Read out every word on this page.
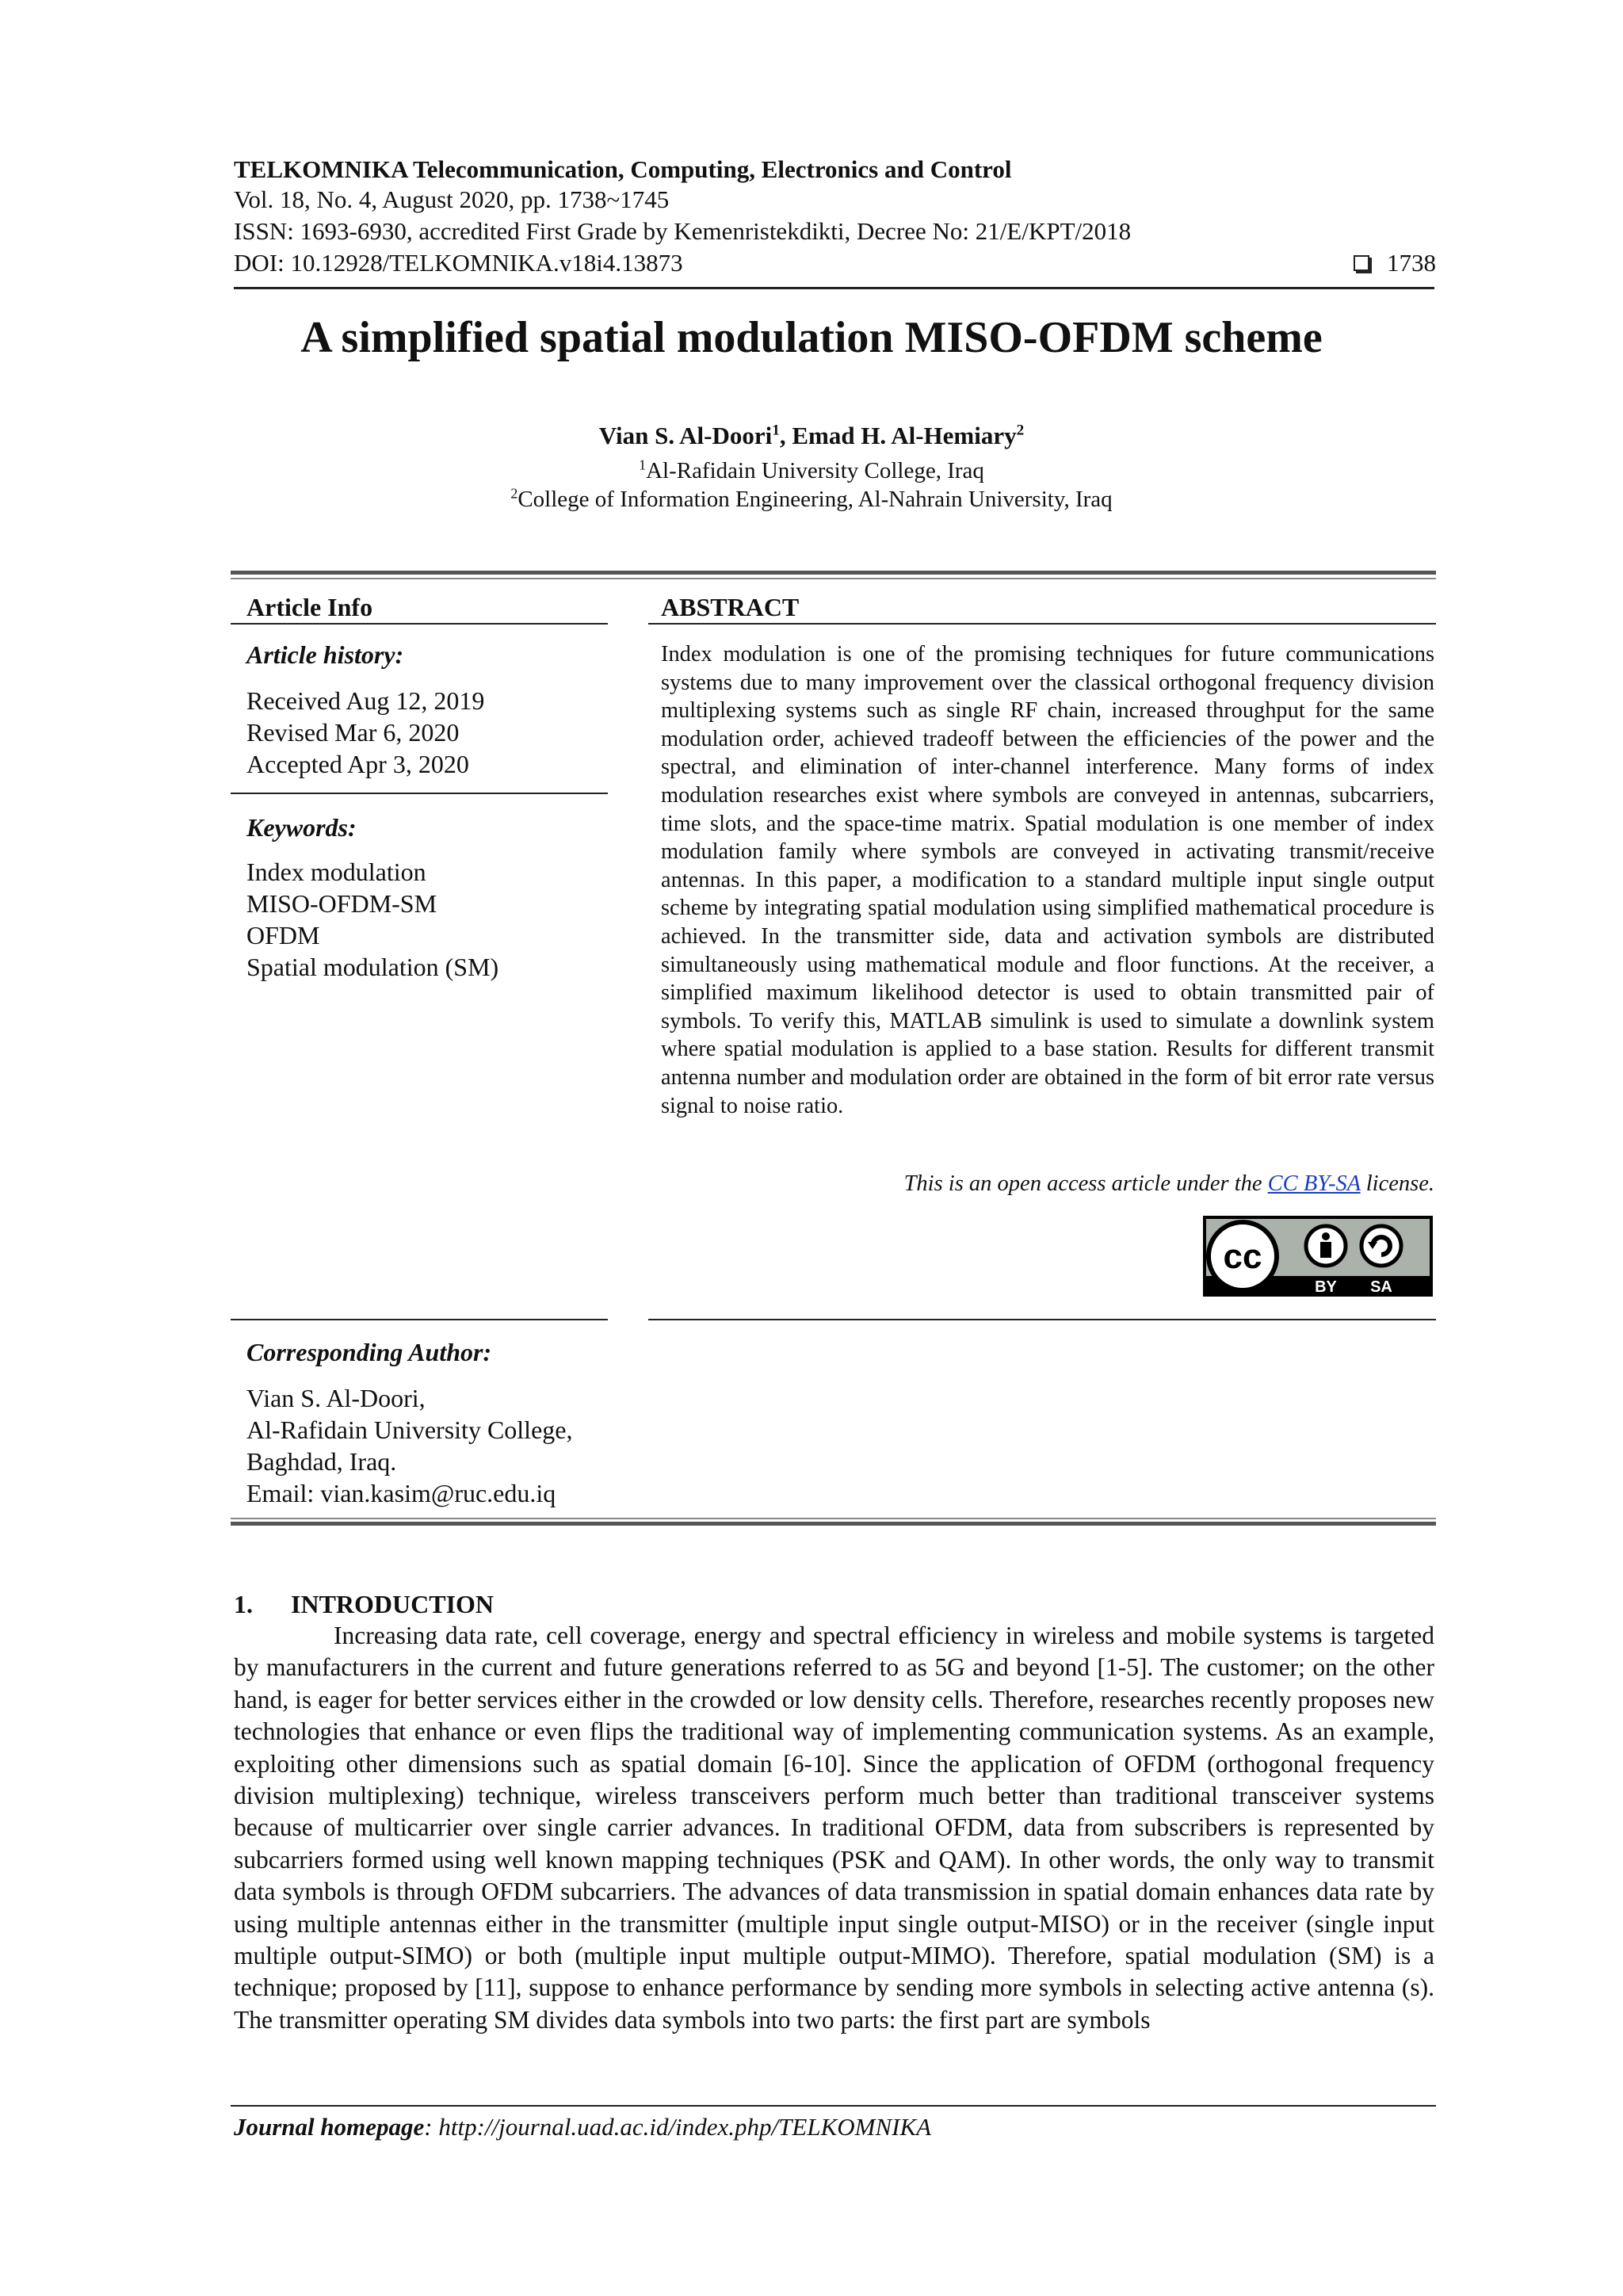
TELKOMNIKA Telecommunication, Computing, Electronics and Control
Vol. 18, No. 4, August 2020, pp. 1738~1745
ISSN: 1693-6930, accredited First Grade by Kemenristekdikti, Decree No: 21/E/KPT/2018
DOI: 10.12928/TELKOMNIKA.v18i4.13873	1738
A simplified spatial modulation MISO-OFDM scheme
Vian S. Al-Doori$^1$, Emad H. Al-Hemiary$^2$
$^1$Al-Rafidain University College, Iraq
$^2$College of Information Engineering, Al-Nahrain University, Iraq
Article Info
Article history:
Received Aug 12, 2019
Revised Mar 6, 2020
Accepted Apr 3, 2020
Keywords:
Index modulation
MISO-OFDM-SM
OFDM
Spatial modulation (SM)
ABSTRACT
Index modulation is one of the promising techniques for future communications systems due to many improvement over the classical orthogonal frequency division multiplexing systems such as single RF chain, increased throughput for the same modulation order, achieved tradeoff between the efficiencies of the power and the spectral, and elimination of inter-channel interference. Many forms of index modulation researches exist where symbols are conveyed in antennas, subcarriers, time slots, and the space-time matrix. Spatial modulation is one member of index modulation family where symbols are conveyed in activating transmit/receive antennas. In this paper, a modification to a standard multiple input single output scheme by integrating spatial modulation using simplified mathematical procedure is achieved. In the transmitter side, data and activation symbols are distributed simultaneously using mathematical module and floor functions. At the receiver, a simplified maximum likelihood detector is used to obtain transmitted pair of symbols. To verify this, MATLAB simulink is used to simulate a downlink system where spatial modulation is applied to a base station. Results for different transmit antenna number and modulation order are obtained in the form of bit error rate versus signal to noise ratio.
This is an open access article under the CC BY-SA license.
cc
BY SA
Corresponding Author:
Vian S. Al-Doori,
Al-Rafidain University College,
Baghdad, Iraq.
Email: vian.kasim@ruc.edu.iq
1. INTRODUCTION
Increasing data rate, cell coverage, energy and spectral efficiency in wireless and mobile systems is targeted by manufacturers in the current and future generations referred to as 5G and beyond [1-5]. The customer; on the other hand, is eager for better services either in the crowded or low density cells. Therefore, researches recently proposes new technologies that enhance or even flips the traditional way of implementing communication systems. As an example, exploiting other dimensions such as spatial domain [6-10]. Since the application of OFDM (orthogonal frequency division multiplexing) technique, wireless transceivers perform much better than traditional transceiver systems because of multicarrier over single carrier advances. In traditional OFDM, data from subscribers is represented by subcarriers formed using well known mapping techniques (PSK and QAM). In other words, the only way to transmit data symbols is through OFDM subcarriers. The advances of data transmission in spatial domain enhances data rate by using multiple antennas either in the transmitter (multiple input single output-MISO) or in the receiver (single input multiple output-SIMO) or both (multiple input multiple output-MIMO). Therefore, spatial modulation (SM) is a technique; proposed by [11], suppose to enhance performance by sending more symbols in selecting active antenna (s). The transmitter operating SM divides data symbols into two parts: the first part are symbols
Journal homepage: http://journal.uad.ac.id/index.php/TELKOMNIKA
